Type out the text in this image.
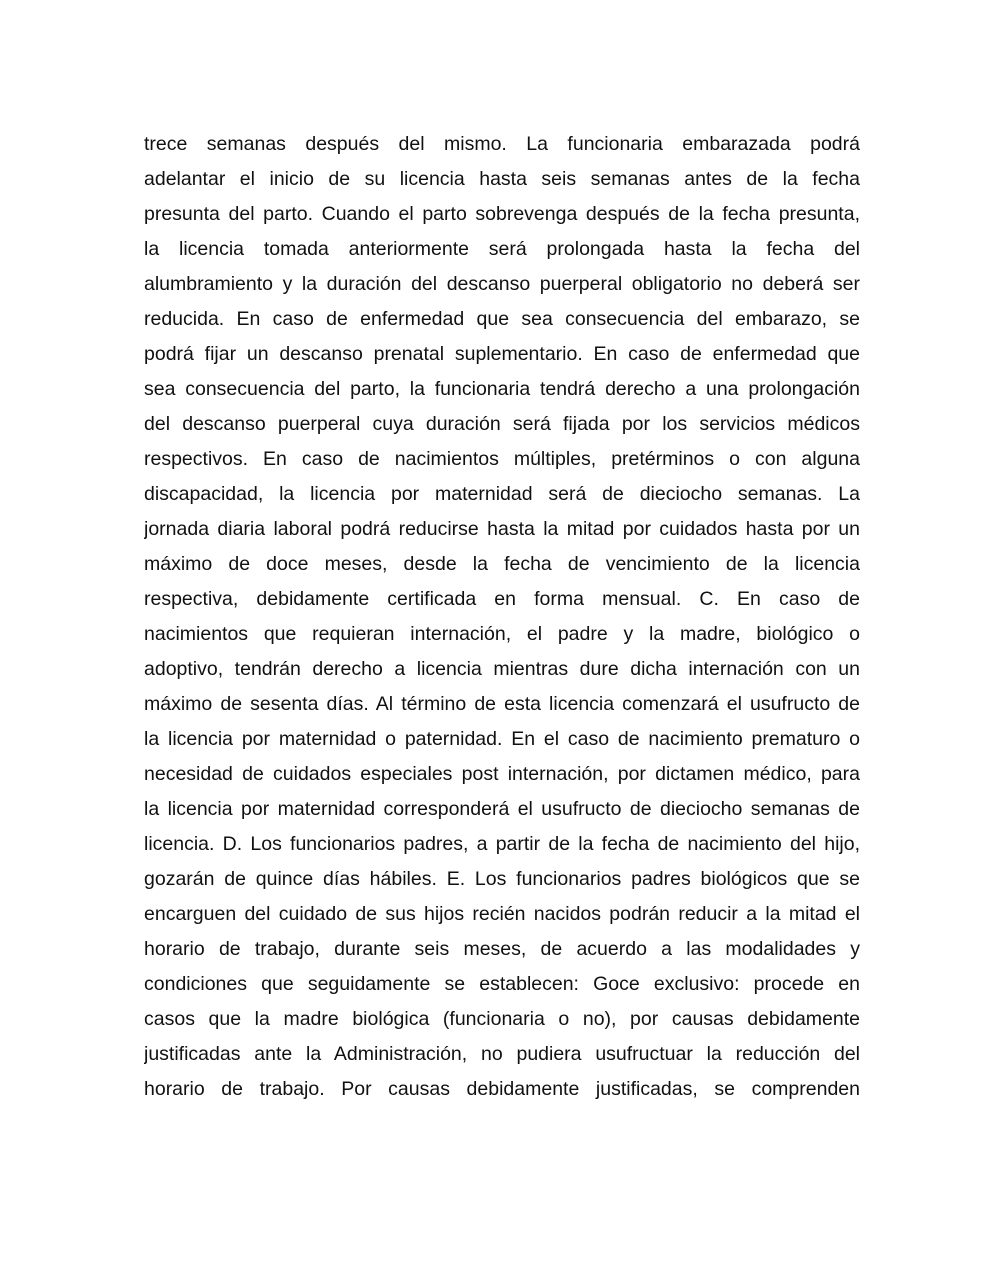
trece semanas después del mismo. La funcionaria embarazada podrá
adelantar el inicio de su licencia hasta seis semanas antes de la fecha
presunta del parto. Cuando el parto sobrevenga después de la fecha presunta,
la licencia tomada anteriormente será prolongada hasta la fecha del
alumbramiento y la duración del descanso puerperal obligatorio no deberá ser
reducida. En caso de enfermedad que sea consecuencia del embarazo, se
podrá fijar un descanso prenatal suplementario. En caso de enfermedad que
sea consecuencia del parto, la funcionaria tendrá derecho a una prolongación
del descanso puerperal cuya duración será fijada por los servicios médicos
respectivos. En caso de nacimientos múltiples, pretérminos o con alguna
discapacidad, la licencia por maternidad será de dieciocho semanas. La
jornada diaria laboral podrá reducirse hasta la mitad por cuidados hasta por un
máximo de doce meses, desde la fecha de vencimiento de la licencia
respectiva, debidamente certificada en forma mensual. C. En caso de
nacimientos que requieran internación, el padre y la madre, biológico o
adoptivo, tendrán derecho a licencia mientras dure dicha internación con un
máximo de sesenta días. Al término de esta licencia comenzará el usufructo de
la licencia por maternidad o paternidad. En el caso de nacimiento prematuro o
necesidad de cuidados especiales post internación, por dictamen médico, para
la licencia por maternidad corresponderá el usufructo de dieciocho semanas de
licencia. D. Los funcionarios padres, a partir de la fecha de nacimiento del hijo,
gozarán de quince días hábiles. E. Los funcionarios padres biológicos que se
encarguen del cuidado de sus hijos recién nacidos podrán reducir a la mitad el
horario de trabajo, durante seis meses, de acuerdo a las modalidades y
condiciones que seguidamente se establecen: Goce exclusivo: procede en
casos que la madre biológica (funcionaria o no), por causas debidamente
justificadas ante la Administración, no pudiera usufructuar la reducción del
horario de trabajo. Por causas debidamente justificadas, se comprenden
